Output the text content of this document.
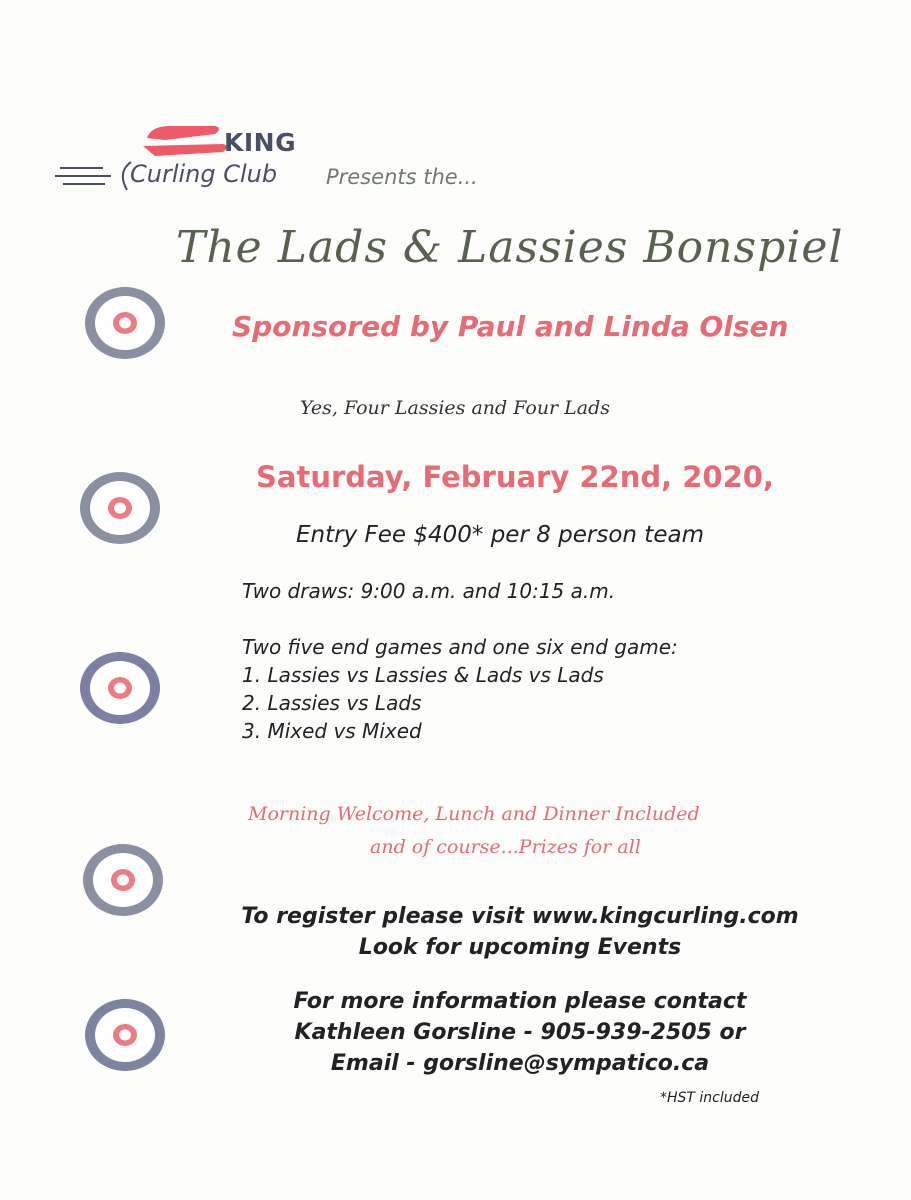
KING
Curling Club Presents the...
The Lads & Lassies Bonspiel
Sponsored by Paul and Linda Olsen
Yes, Four Lassies and Four Lads
Saturday, February 22nd, 2020,
Entry Fee $400* per 8 person team
Two draws: 9:00 a.m. and 10:15 a.m.
Two five end games and one six end game:
1. Lassies vs Lassies & Lads vs Lads
2. Lassies vs Lads
3. Mixed vs Mixed
Morning Welcome, Lunch and Dinner Included
and of course...Prizes for all
To register please visit www.kingcurling.com
Look for upcoming Events
For more information please contact
Kathleen Gorsline - 905-939-2505 or
Email - gorsline@sympatico.ca
*HST included
